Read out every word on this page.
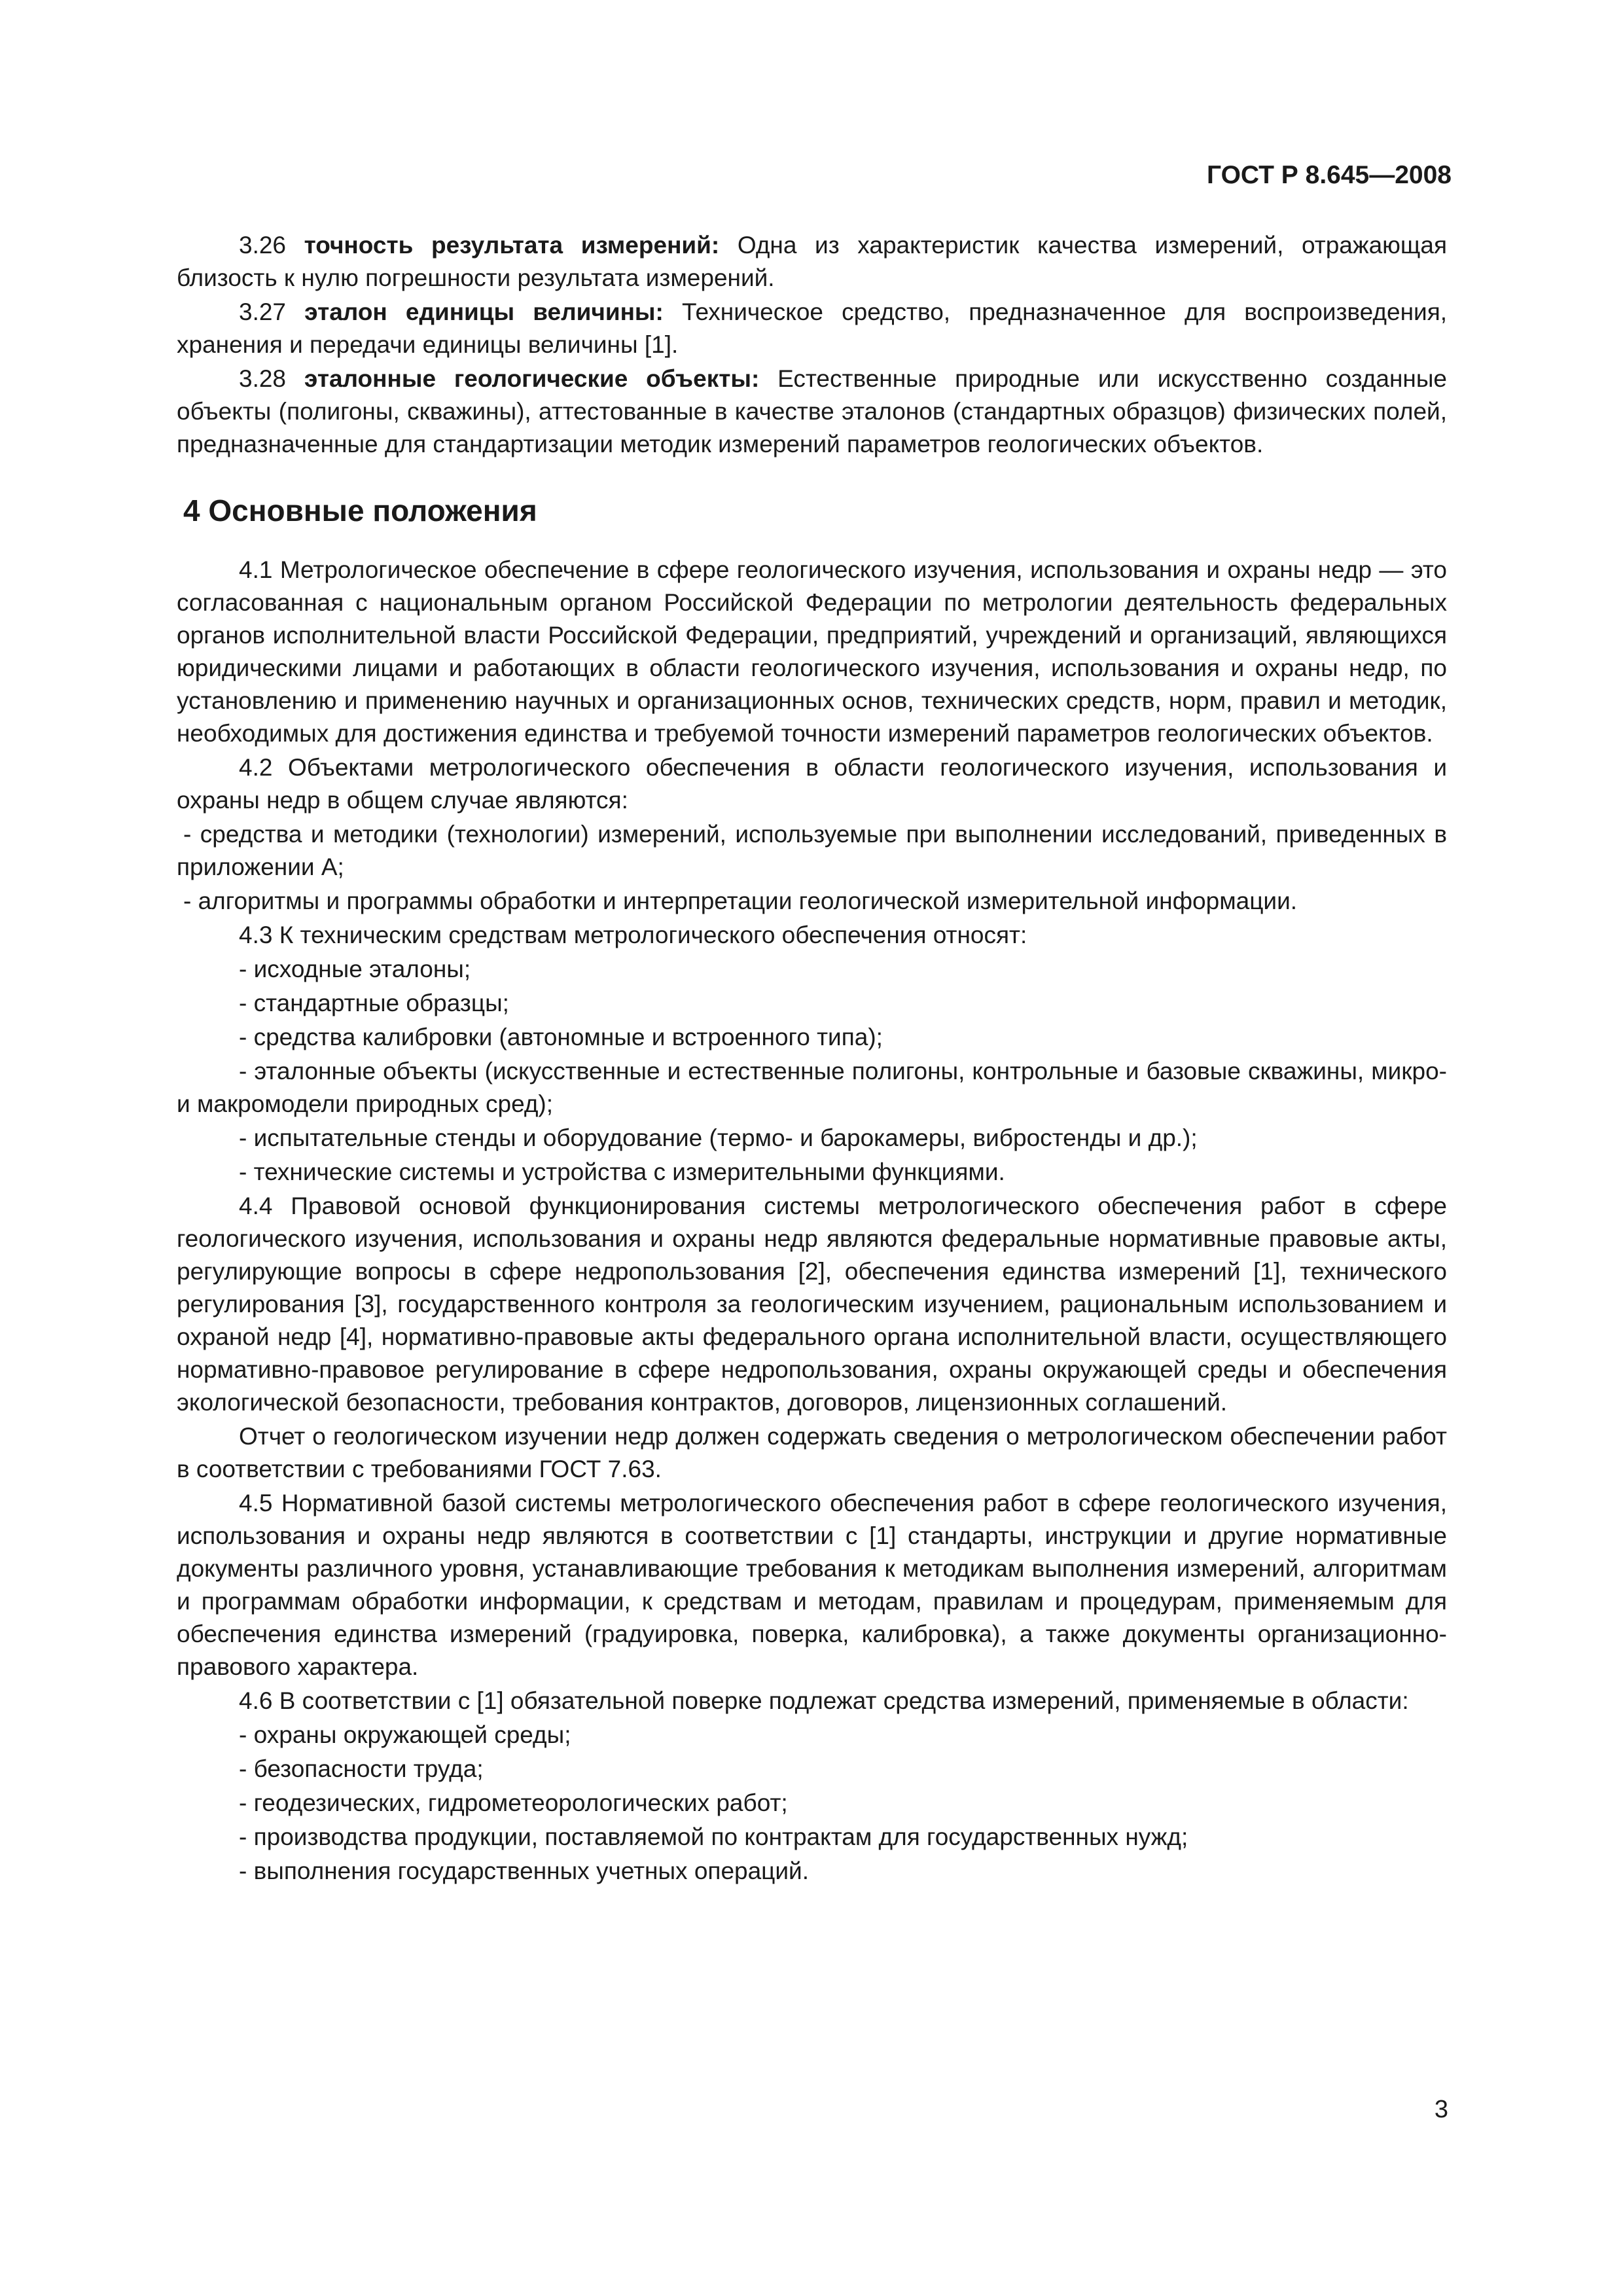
ГОСТ Р 8.645—2008

3.26 точность результата измерений: Одна из характеристик качества измерений, отражающая близость к нулю погрешности результата измерений.

3.27 эталон единицы величины: Техническое средство, предназначенное для воспроизведения, хранения и передачи единицы величины [1].

3.28 эталонные геологические объекты: Естественные природные или искусственно созданные объекты (полигоны, скважины), аттестованные в качестве эталонов (стандартных образцов) физических полей, предназначенные для стандартизации методик измерений параметров геологических объектов.

4 Основные положения

4.1 Метрологическое обеспечение в сфере геологического изучения, использования и охраны недр — это согласованная с национальным органом Российской Федерации по метрологии деятельность федеральных органов исполнительной власти Российской Федерации, предприятий, учреждений и организаций, являющихся юридическими лицами и работающих в области геологического изучения, использования и охраны недр, по установлению и применению научных и организационных основ, технических средств, норм, правил и методик, необходимых для достижения единства и требуемой точности измерений параметров геологических объектов.

4.2 Объектами метрологического обеспечения в области геологического изучения, использования и охраны недр в общем случае являются:

- средства и методики (технологии) измерений, используемые при выполнении исследований, приведенных в приложении А;

- алгоритмы и программы обработки и интерпретации геологической измерительной информации.

4.3 К техническим средствам метрологического обеспечения относят:

- исходные эталоны;

- стандартные образцы;

- средства калибровки (автономные и встроенного типа);

- эталонные объекты (искусственные и естественные полигоны, контрольные и базовые скважины, микро- и макромодели природных сред);

- испытательные стенды и оборудование (термо- и барокамеры, вибростенды и др.);

- технические системы и устройства с измерительными функциями.

4.4 Правовой основой функционирования системы метрологического обеспечения работ в сфере геологического изучения, использования и охраны недр являются федеральные нормативные правовые акты, регулирующие вопросы в сфере недропользования [2], обеспечения единства измерений [1], технического регулирования [3], государственного контроля за геологическим изучением, рациональным использованием и охраной недр [4], нормативно-правовые акты федерального органа исполнительной власти, осуществляющего нормативно-правовое регулирование в сфере недропользования, охраны окружающей среды и обеспечения экологической безопасности, требования контрактов, договоров, лицензионных соглашений.

Отчет о геологическом изучении недр должен содержать сведения о метрологическом обеспечении работ в соответствии с требованиями ГОСТ 7.63.

4.5 Нормативной базой системы метрологического обеспечения работ в сфере геологического изучения, использования и охраны недр являются в соответствии с [1] стандарты, инструкции и другие нормативные документы различного уровня, устанавливающие требования к методикам выполнения измерений, алгоритмам и программам обработки информации, к средствам и методам, правилам и процедурам, применяемым для обеспечения единства измерений (градуировка, поверка, калибровка), а также документы организационно-правового характера.

4.6 В соответствии с [1] обязательной поверке подлежат средства измерений, применяемые в области:

- охраны окружающей среды;

- безопасности труда;

- геодезических, гидрометеорологических работ;

- производства продукции, поставляемой по контрактам для государственных нужд;

- выполнения государственных учетных операций.

3
